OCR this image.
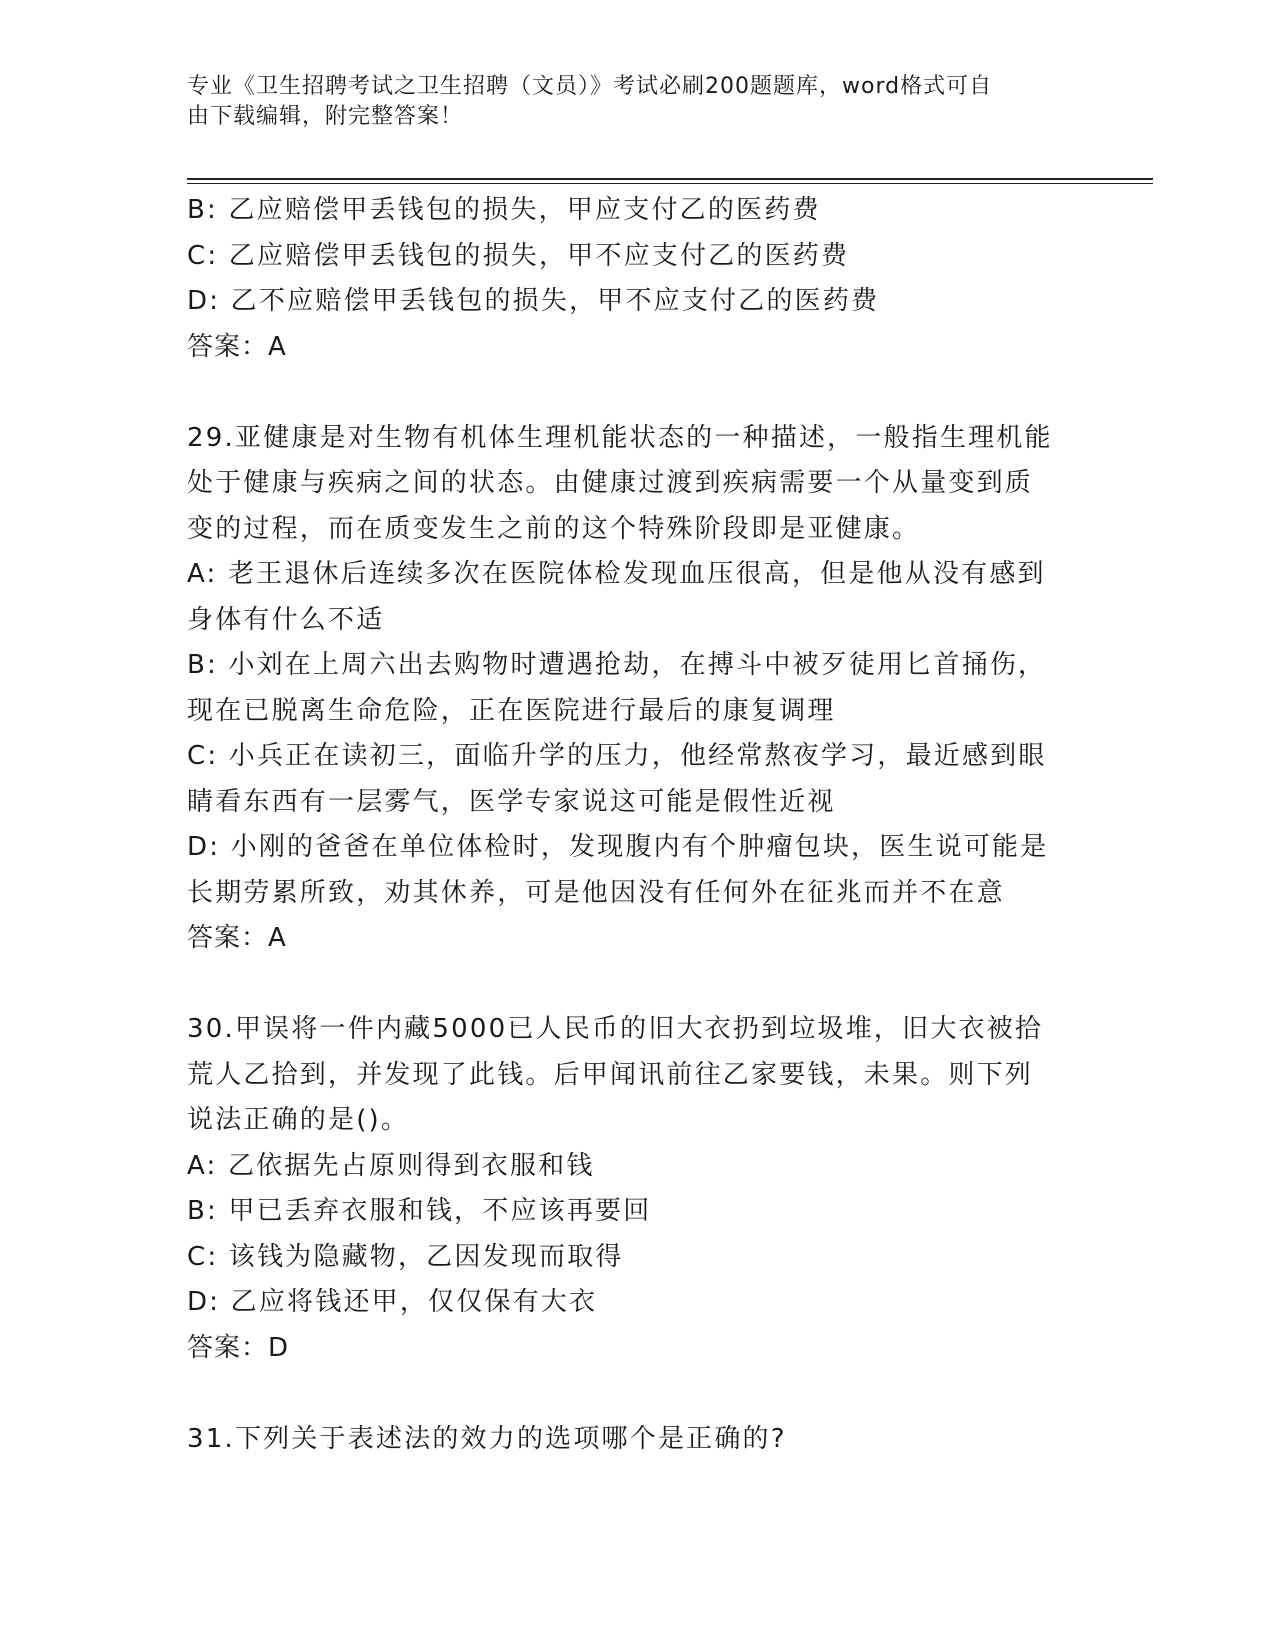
专业《卫生招聘考试之卫生招聘（文员）》考试必刷200题题库，word格式可自
由下载编辑，附完整答案！
B: 乙应赔偿甲丢钱包的损失，甲应支付乙的医药费
C: 乙应赔偿甲丢钱包的损失，甲不应支付乙的医药费
D: 乙不应赔偿甲丢钱包的损失，甲不应支付乙的医药费
答案：A
29.亚健康是对生物有机体生理机能状态的一种描述，一般指生理机能
处于健康与疾病之间的状态。由健康过渡到疾病需要一个从量变到质
变的过程，而在质变发生之前的这个特殊阶段即是亚健康。
A: 老王退休后连续多次在医院体检发现血压很高，但是他从没有感到
身体有什么不适
B: 小刘在上周六出去购物时遭遇抢劫，在搏斗中被歹徒用匕首捅伤，
现在已脱离生命危险，正在医院进行最后的康复调理
C: 小兵正在读初三，面临升学的压力，他经常熬夜学习，最近感到眼
睛看东西有一层雾气，医学专家说这可能是假性近视
D: 小刚的爸爸在单位体检时，发现腹内有个肿瘤包块，医生说可能是
长期劳累所致，劝其休养，可是他因没有任何外在征兆而并不在意
答案：A
30.甲误将一件内藏5000已人民币的旧大衣扔到垃圾堆，旧大衣被拾
荒人乙拾到，并发现了此钱。后甲闻讯前往乙家要钱，未果。则下列
说法正确的是()。
A: 乙依据先占原则得到衣服和钱
B: 甲已丢弃衣服和钱，不应该再要回
C: 该钱为隐藏物，乙因发现而取得
D: 乙应将钱还甲，仅仅保有大衣
答案：D
31.下列关于表述法的效力的选项哪个是正确的?
